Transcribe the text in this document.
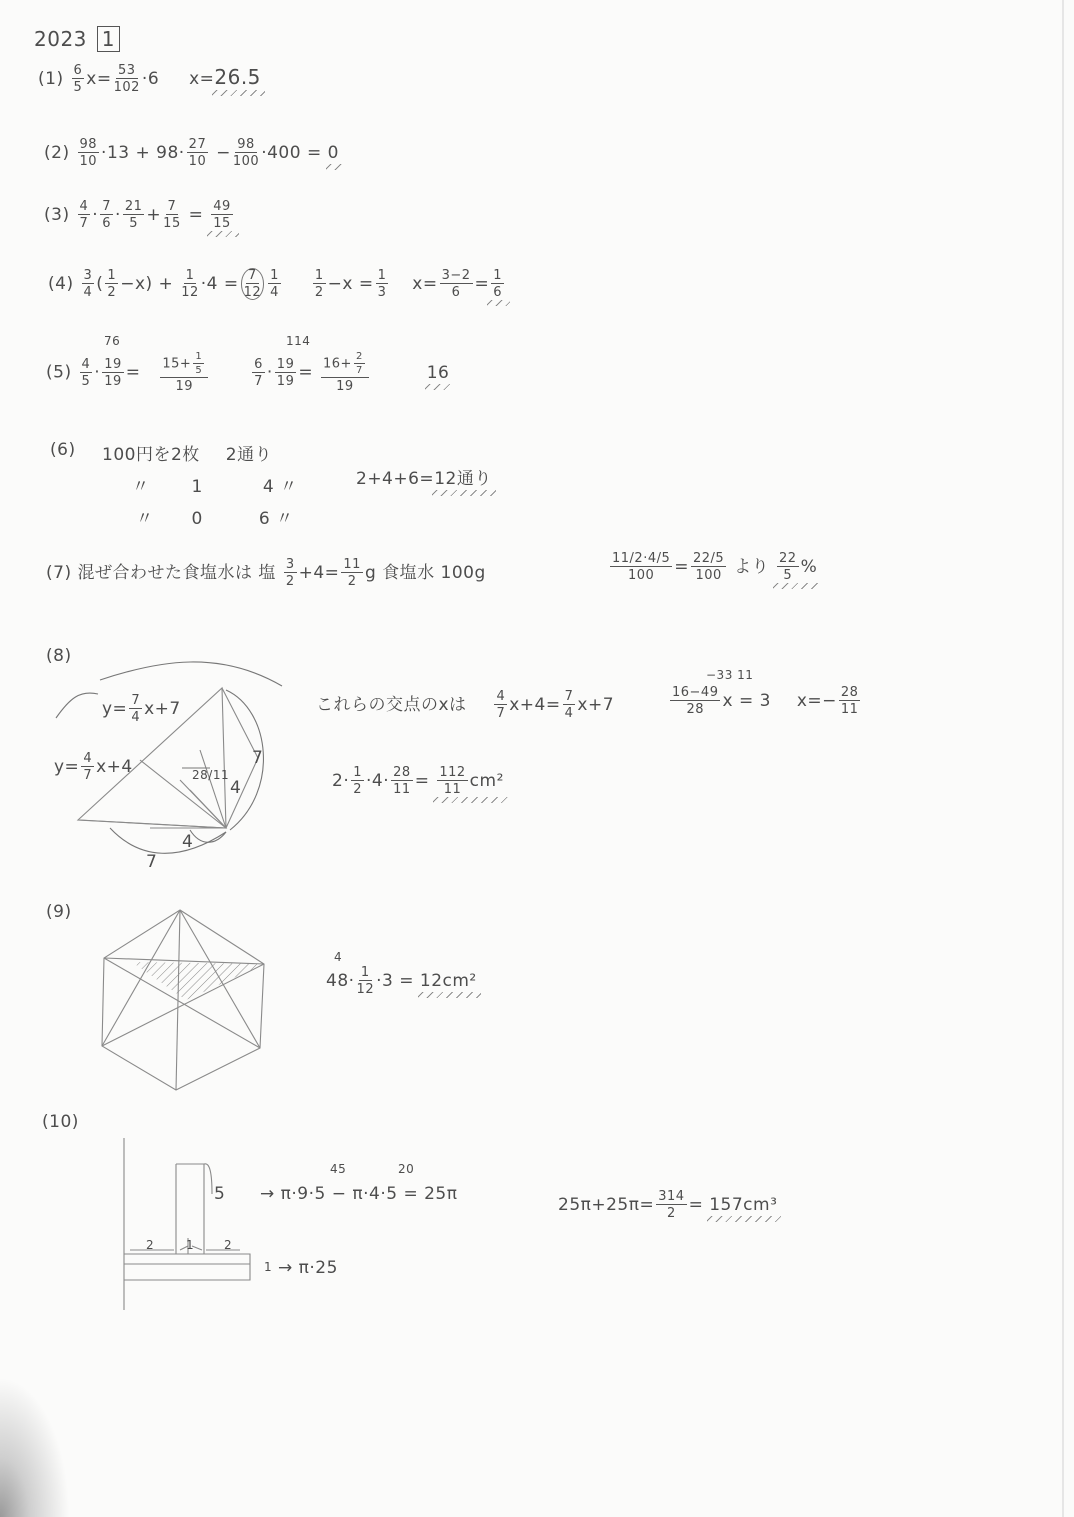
2023 1
$(1) \frac{6}{5} x= \frac{53}{102} \cdot 6$ x=26.5
$(2) \frac{98}{10} \cdot 13 + 98\cdot \frac{27}{10} - \frac{98}{100} \cdot 400 = 0$
$(3) \frac{4}{7} \cdot \frac{7}{6} \cdot \frac{21}{5} + \frac{7}{15} = \frac{49}{15}$
$(4) \frac{3}{4}$ ( $\frac{1}{2} -x) + \frac{1}{12} \cdot 4 = \frac{7}{12} \frac{1}{4}$
$\frac{1}{2} -x = \frac{1}{3} x= \frac{3-2}{6} = \frac{1}{6}$
76	114
$(5) \frac{4}{5} \cdot \frac{19}{19} = \frac{15+ \frac{1}{5}}{19}$
	$\frac{6}{7} \cdot \frac{19}{19} = \frac{16+ \frac{2}{7}}{19}$	16
(6) 100円を2枚 2通り
〃 1	4 〃
〃 0	6 〃
2+4+6=12通り
(7) 混ぜ合わせた食塩水は 塩 $\frac{3}{2} +4= \frac{11}{2}$ g 食塩水 100g	$\frac{11/2\cdot 4/5}{100} = \frac{22/5}{100}$ より $\frac{22}{5}$ %
(8)
$y= \frac{7}{4} x+7$
$y= \frac{4}{7} x+4$	28/11
7
4
4
7
これらの交点のxは $\frac{4}{7} x+4= \frac{7}{4} x+7$
−33 11
$\frac{16-49}{28}$ x = 3 $x=- \frac{28}{11}$
$2\cdot \frac{1}{2} \cdot 4\cdot \frac{28}{11} = \frac{112}{11} cm^2$
(9)
4
$48\cdot \frac{1}{12} \cdot 3 = 12cm^2$
(10)
5
2	1 2
1
45	20
→ π·9·5 − π·4·5 = 25π
→ π·25
$25\pi+25\pi= \frac{314}{2} = 157cm^3$
